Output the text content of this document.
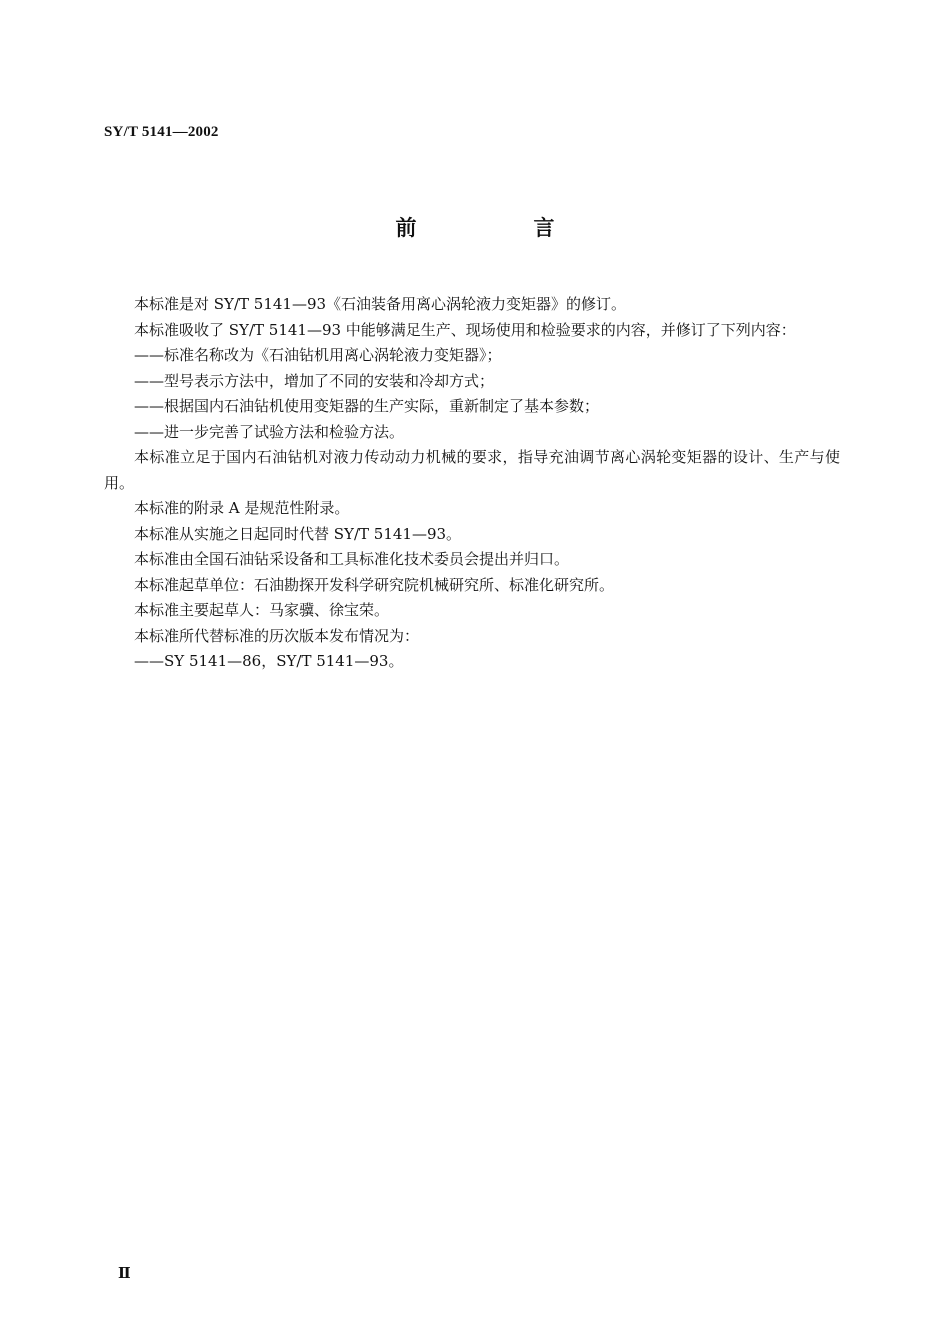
SY/T 5141—2002
前　言

本标准是对 SY/T 5141—93《石油装备用离心涡轮液力变矩器》的修订。

本标准吸收了 SY/T 5141—93 中能够满足生产、现场使用和检验要求的内容，并修订了下列内容：

——标准名称改为《石油钻机用离心涡轮液力变矩器》；

——型号表示方法中，增加了不同的安装和冷却方式；

——根据国内石油钻机使用变矩器的生产实际，重新制定了基本参数；

——进一步完善了试验方法和检验方法。

本标准立足于国内石油钻机对液力传动动力机械的要求，指导充油调节离心涡轮变矩器的设计、生产与使用。

本标准的附录 A 是规范性附录。

本标准从实施之日起同时代替 SY/T 5141—93。

本标准由全国石油钻采设备和工具标准化技术委员会提出并归口。

本标准起草单位：石油勘探开发科学研究院机械研究所、标准化研究所。

本标准主要起草人：马家骥、徐宝荣。

本标准所代替标准的历次版本发布情况为：

——SY 5141—86，SY/T 5141—93。

Ⅱ
